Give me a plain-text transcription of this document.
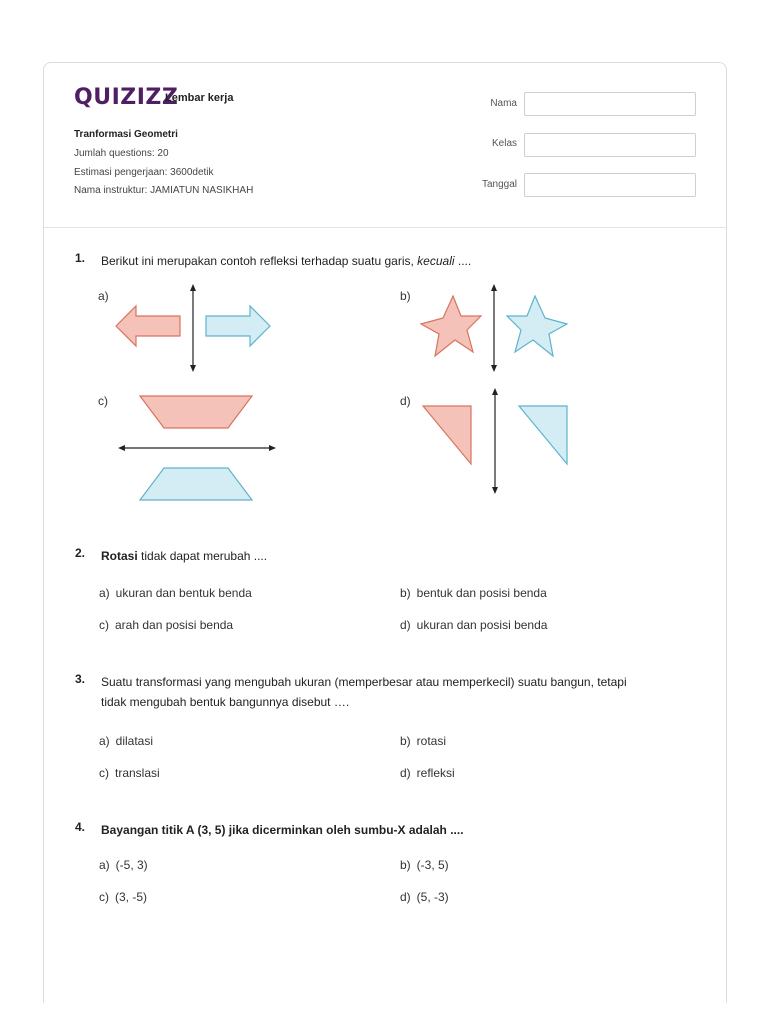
QUIZIZZ
Lembar kerja
Tranformasi Geometri
Jumlah questions: 20
Estimasi pengerjaan: 3600detik
Nama instruktur: JAMIATUN NASIKHAH
Nama
Kelas
Tanggal
1. Berikut ini merupakan contoh refleksi terhadap suatu garis, kecuali ....
a)	b)
c)	d)
2. Rotasi tidak dapat merubah ....
a) ukuran dan bentuk benda	b) bentuk dan posisi benda
c) arah dan posisi benda	d) ukuran dan posisi benda
3. Suatu transformasi yang mengubah ukuran (memperbesar atau memperkecil) suatu bangun, tetapi
tidak mengubah bentuk bangunnya disebut ….
a) dilatasi	b) rotasi
c) translasi	d) refleksi
4. Bayangan titik A (3, 5) jika dicerminkan oleh sumbu-X adalah ....
a) (-5, 3)	b) (-3, 5)
c) (3, -5)	d) (5, -3)
